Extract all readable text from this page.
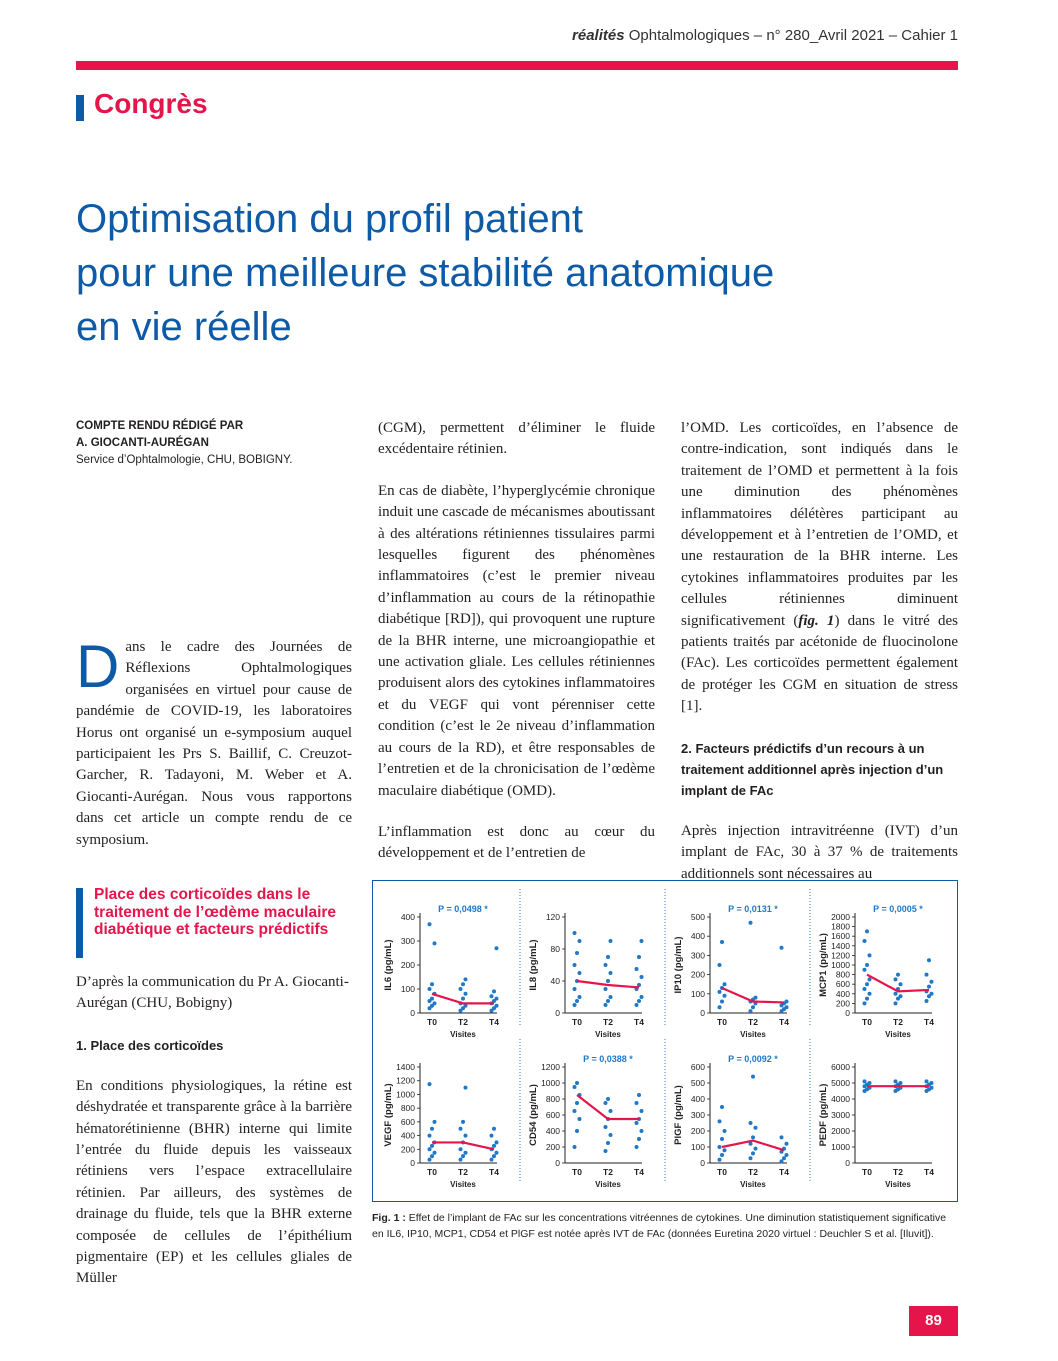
réalités Ophtalmologiques – n° 280_Avril 2021 – Cahier 1
Congrès
Optimisation du profil patient
pour une meilleure stabilité anatomique
en vie réelle
COMPTE RENDU RÉDIGÉ PAR
A. GIOCANTI-AURÉGAN
Service d’Ophtalmologie, CHU, BOBIGNY.

Dans le cadre des Journées de Réflexions Ophtalmologiques organisées en virtuel pour cause de pandémie de COVID-19, les laboratoires Horus ont organisé un e-symposium auquel participaient les Prs S. Baillif, C. Creuzot-Garcher, R. Tadayoni, M. Weber et A. Giocanti-Aurégan. Nous vous rapportons dans cet article un compte rendu de ce symposium.

Place des corticoïdes dans le traitement de l’œdème maculaire diabétique et facteurs prédictifs

D’après la communication du Pr A. Giocanti-Aurégan (CHU, Bobigny)

1. Place des corticoïdes

En conditions physiologiques, la rétine est déshydratée et transparente grâce à la barrière hématorétinienne (BHR) interne qui limite l’entrée du fluide depuis les vaisseaux rétiniens vers l’espace extracellulaire rétinien. Par ailleurs, des systèmes de drainage du fluide, tels que la BHR externe composée de cellules de l’épithélium pigmentaire (EP) et les cellules gliales de Müller

(CGM), permettent d’éliminer le fluide excédentaire rétinien.

En cas de diabète, l’hyperglycémie chronique induit une cascade de mécanismes aboutissant à des altérations rétiniennes tissulaires parmi lesquelles figurent des phénomènes inflammatoires (c’est le premier niveau d’inflammation au cours de la rétinopathie diabétique [RD]), qui provoquent une rupture de la BHR interne, une microangiopathie et une activation gliale. Les cellules rétiniennes produisent alors des cytokines inflammatoires et du VEGF qui vont pérenniser cette condition (c’est le 2e niveau d’inflammation au cours de la RD), et être responsables de l’entretien et de la chronicisation de l’œdème maculaire diabétique (OMD).

L’inflammation est donc au cœur du développement et de l’entretien de

l’OMD. Les corticoïdes, en l’absence de contre-indication, sont indiqués dans le traitement de l’OMD et permettent à la fois une diminution des phénomènes inflammatoires délétères participant au développement et à l’entretien de l’OMD, et une restauration de la BHR interne. Les cytokines inflammatoires produites par les cellules rétiniennes diminuent significativement (fig. 1) dans le vitré des patients traités par acétonide de fluocinolone (FAc). Les corticoïdes permettent également de protéger les CGM en situation de stress [1].

2. Facteurs prédictifs d’un recours à un traitement additionnel après injection d’un implant de FAc

Après injection intravitréenne (IVT) d’un implant de FAc, 30 à 37 % de traitements additionnels sont nécessaires au

0
100
200
300
400
IL6 (pg/mL)
T0 T2 T4
Visites
P = 0,0498 *
0
40
80
120
IL8 (pg/mL)
T0 T2 T4
Visites
0
100
200
300
400
500
IP10 (pg/mL)
T0 T2 T4
Visites
P = 0,0131 *
0
200
400
600
800
1000
1200
1400
1600
1800
2000
MCP1 (pg/mL)
T0 T2 T4
Visites
P = 0,0005 *
0
200
400
600
800
1000
1200
1400
VEGF (pg/mL)
T0 T2 T4
Visites
0
200
400
600
800
1000
1200
CD54 (pg/mL)
T0 T2 T4
Visites
P = 0,0388 *
0
100
200
300
400
500
600
PlGF (pg/mL)
T0 T2 T4
Visites
P = 0,0092 *
0
1000
2000
3000
4000
5000
6000
PEDF (pg/mL)
T0 T2 T4
Visites
Fig. 1 : Effet de l’implant de FAc sur les concentrations vitréennes de cytokines. Une diminution statistiquement significative en IL6, IP10, MCP1, CD54 et PlGF est notée après IVT de FAc (données Euretina 2020 virtuel : Deuchler S et al. [Iluvit]).
89
